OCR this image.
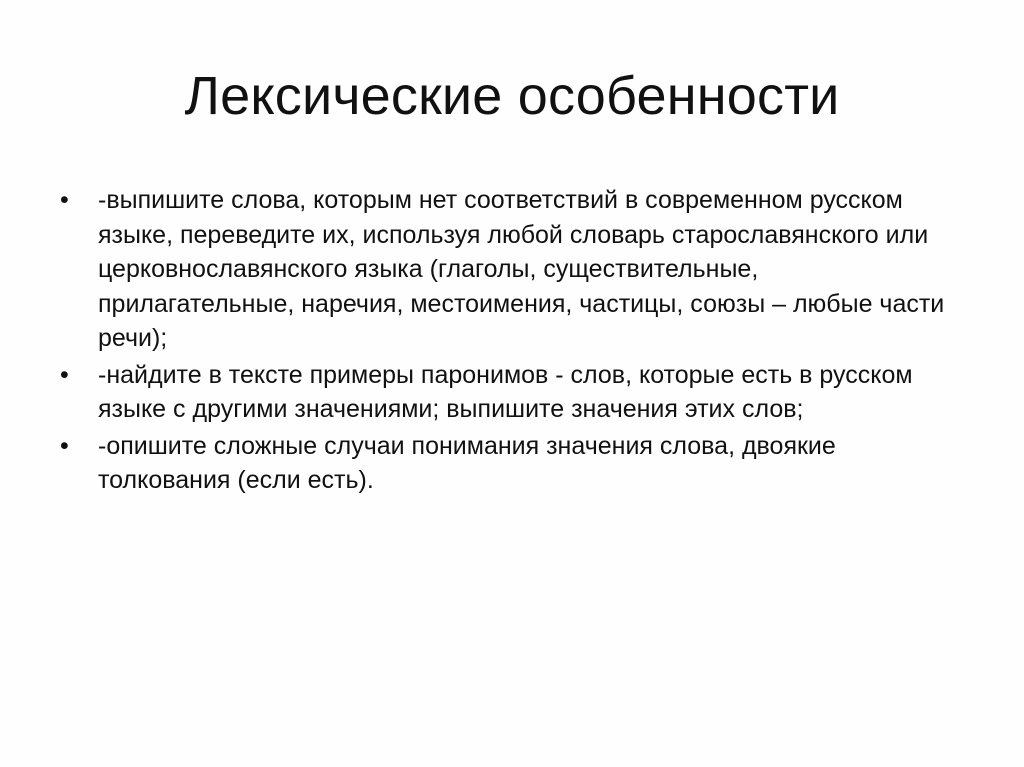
Лексические особенности
•	-выпишите слова, которым нет соответствий в современном русском языке, переведите их, используя любой словарь старославянского или церковнославянского языка (глаголы, существительные, прилагательные, наречия, местоимения, частицы, союзы – любые части речи);
•	-найдите в тексте примеры паронимов - слов, которые есть в русском языке с другими значениями; выпишите значения этих слов;
•	-опишите сложные случаи понимания значения слова, двоякие толкования (если есть).
